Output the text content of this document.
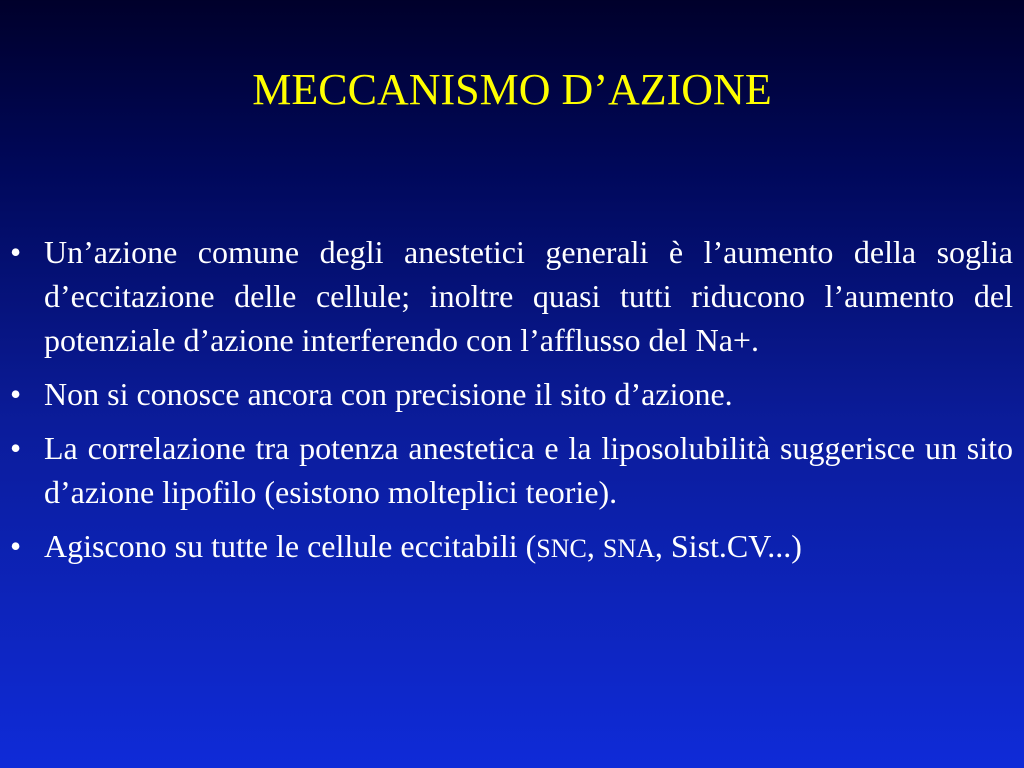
MECCANISMO D’AZIONE
• Un’azione comune degli anestetici generali è l’aumento della soglia d’eccitazione delle cellule; inoltre quasi tutti riducono l’aumento del potenziale d’azione interferendo con l’afflusso del Na+.
• Non si conosce ancora con precisione il sito d’azione.
• La correlazione tra potenza anestetica e la liposolubilità suggerisce un sito d’azione lipofilo (esistono molteplici teorie).
• Agiscono su tutte le cellule eccitabili (SNC, SNA, Sist.CV...)
